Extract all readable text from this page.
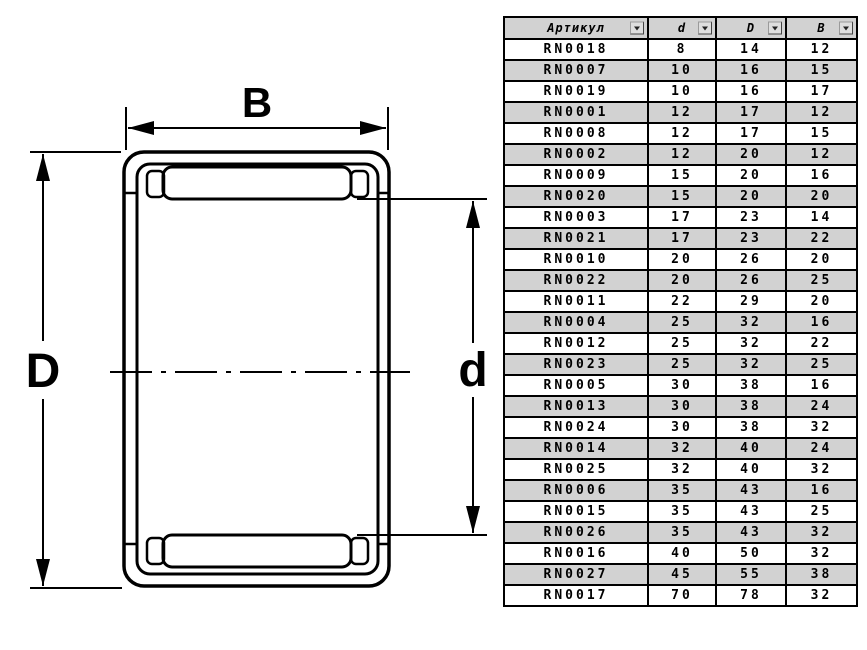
B
D	d
Артикул	d	D	B

RN0018	8	14	12
RN0007	10	16	15
RN0019	10	16	17
RN0001	12	17	12
RN0008	12	17	15
RN0002	12	20	12
RN0009	15	20	16
RN0020	15	20	20
RN0003	17	23	14
RN0021	17	23	22
RN0010	20	26	20
RN0022	20	26	25
RN0011	22	29	20
RN0004	25	32	16
RN0012	25	32	22
RN0023	25	32	25
RN0005	30	38	16
RN0013	30	38	24
RN0024	30	38	32
RN0014	32	40	24
RN0025	32	40	32
RN0006	35	43	16
RN0015	35	43	25
RN0026	35	43	32
RN0016	40	50	32
RN0027	45	55	38
RN0017	70	78	32
